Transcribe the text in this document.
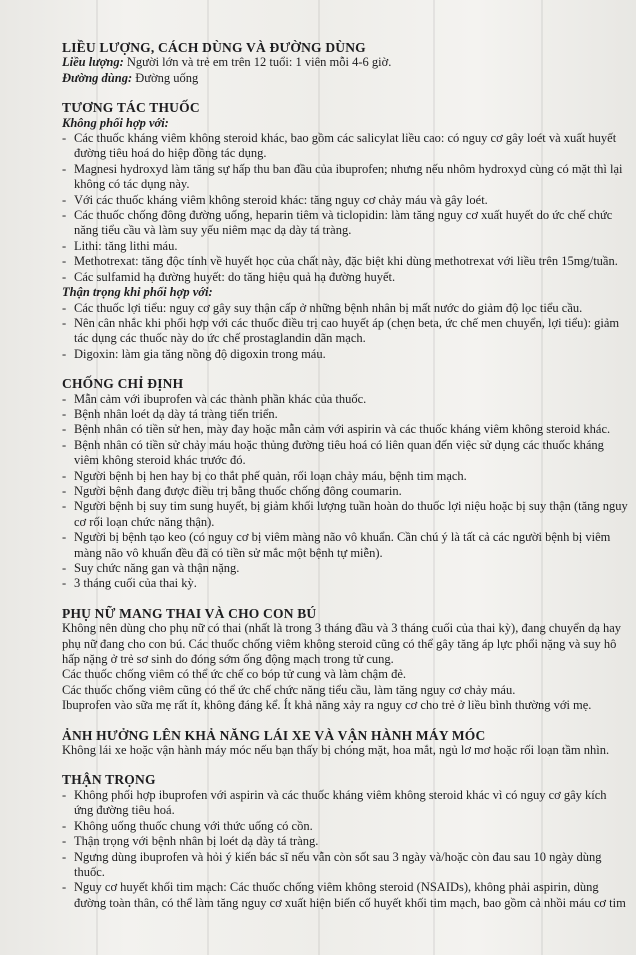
LIỀU LƯỢNG, CÁCH DÙNG VÀ ĐƯỜNG DÙNG

Liều lượng: Người lớn và trẻ em trên 12 tuổi: 1 viên mỗi 4-6 giờ.

Đường dùng: Đường uống

TƯƠNG TÁC THUỐC

Không phối hợp với:

- Các thuốc kháng viêm không steroid khác, bao gồm các salicylat liều cao: có nguy cơ gây loét và xuất huyết đường tiêu hoá do hiệp đồng tác dụng.
- Magnesi hydroxyd làm tăng sự hấp thu ban đầu của ibuprofen; nhưng nếu nhôm hydroxyd cùng có mặt thì lại không có tác dụng này.
- Với các thuốc kháng viêm không steroid khác: tăng nguy cơ chảy máu và gây loét.
- Các thuốc chống đông đường uống, heparin tiêm và ticlopidin: làm tăng nguy cơ xuất huyết do ức chế chức năng tiểu cầu và làm suy yếu niêm mạc dạ dày tá tràng.
- Lithi: tăng lithi máu.
- Methotrexat: tăng độc tính về huyết học của chất này, đặc biệt khi dùng methotrexat với liều trên 15mg/tuần.
- Các sulfamid hạ đường huyết: do tăng hiệu quả hạ đường huyết.

Thận trọng khi phối hợp với:

- Các thuốc lợi tiểu: nguy cơ gây suy thận cấp ở những bệnh nhân bị mất nước do giảm độ lọc tiểu cầu.
- Nên cân nhắc khi phối hợp với các thuốc điều trị cao huyết áp (chẹn beta, ức chế men chuyển, lợi tiểu): giảm tác dụng các thuốc này do ức chế prostaglandin dãn mạch.
- Digoxin: làm gia tăng nồng độ digoxin trong máu.
CHỐNG CHỈ ĐỊNH
- Mẫn cảm với ibuprofen và các thành phần khác của thuốc.
- Bệnh nhân loét dạ dày tá tràng tiến triển.
- Bệnh nhân có tiền sử hen, mày đay hoặc mẫn cảm với aspirin và các thuốc kháng viêm không steroid khác.
- Bệnh nhân có tiền sử chảy máu hoặc thủng đường tiêu hoá có liên quan đến việc sử dụng các thuốc kháng viêm không steroid khác trước đó.
- Người bệnh bị hen hay bị co thắt phế quản, rối loạn chảy máu, bệnh tim mạch.
- Người bệnh đang được điều trị bằng thuốc chống đông coumarin.
- Người bệnh bị suy tim sung huyết, bị giảm khối lượng tuần hoàn do thuốc lợi niệu hoặc bị suy thận (tăng nguy cơ rối loạn chức năng thận).
- Người bị bệnh tạo keo (có nguy cơ bị viêm màng não vô khuẩn. Cần chú ý là tất cả các người bệnh bị viêm màng não vô khuẩn đều đã có tiền sử mắc một bệnh tự miễn).
- Suy chức năng gan và thận nặng.
- 3 tháng cuối của thai kỳ.
PHỤ NỮ MANG THAI VÀ CHO CON BÚ

Không nên dùng cho phụ nữ có thai (nhất là trong 3 tháng đầu và 3 tháng cuối của thai kỳ), đang chuyển dạ hay phụ nữ đang cho con bú. Các thuốc chống viêm không steroid cũng có thể gây tăng áp lực phổi nặng và suy hô hấp nặng ở trẻ sơ sinh do đóng sớm ống động mạch trong tử cung.

Các thuốc chống viêm có thể ức chế co bóp tử cung và làm chậm đẻ.

Các thuốc chống viêm cũng có thể ức chế chức năng tiểu cầu, làm tăng nguy cơ chảy máu.

Ibuprofen vào sữa mẹ rất ít, không đáng kể. Ít khả năng xảy ra nguy cơ cho trẻ ở liều bình thường với mẹ.

ẢNH HƯỞNG LÊN KHẢ NĂNG LÁI XE VÀ VẬN HÀNH MÁY MÓC

Không lái xe hoặc vận hành máy móc nếu bạn thấy bị chóng mặt, hoa mắt, ngủ lơ mơ hoặc rối loạn tầm nhìn.

THẬN TRỌNG
- Không phối hợp ibuprofen với aspirin và các thuốc kháng viêm không steroid khác vì có nguy cơ gây kích ứng đường tiêu hoá.
- Không uống thuốc chung với thức uống có cồn.
- Thận trọng với bệnh nhân bị loét dạ dày tá tràng.
- Ngưng dùng ibuprofen và hỏi ý kiến bác sĩ nếu vẫn còn sốt sau 3 ngày và/hoặc còn đau sau 10 ngày dùng thuốc.
- Nguy cơ huyết khối tim mạch: Các thuốc chống viêm không steroid (NSAIDs), không phải aspirin, dùng đường toàn thân, có thể làm tăng nguy cơ xuất hiện biến cố huyết khối tim mạch, bao gồm cả nhồi máu cơ tim
